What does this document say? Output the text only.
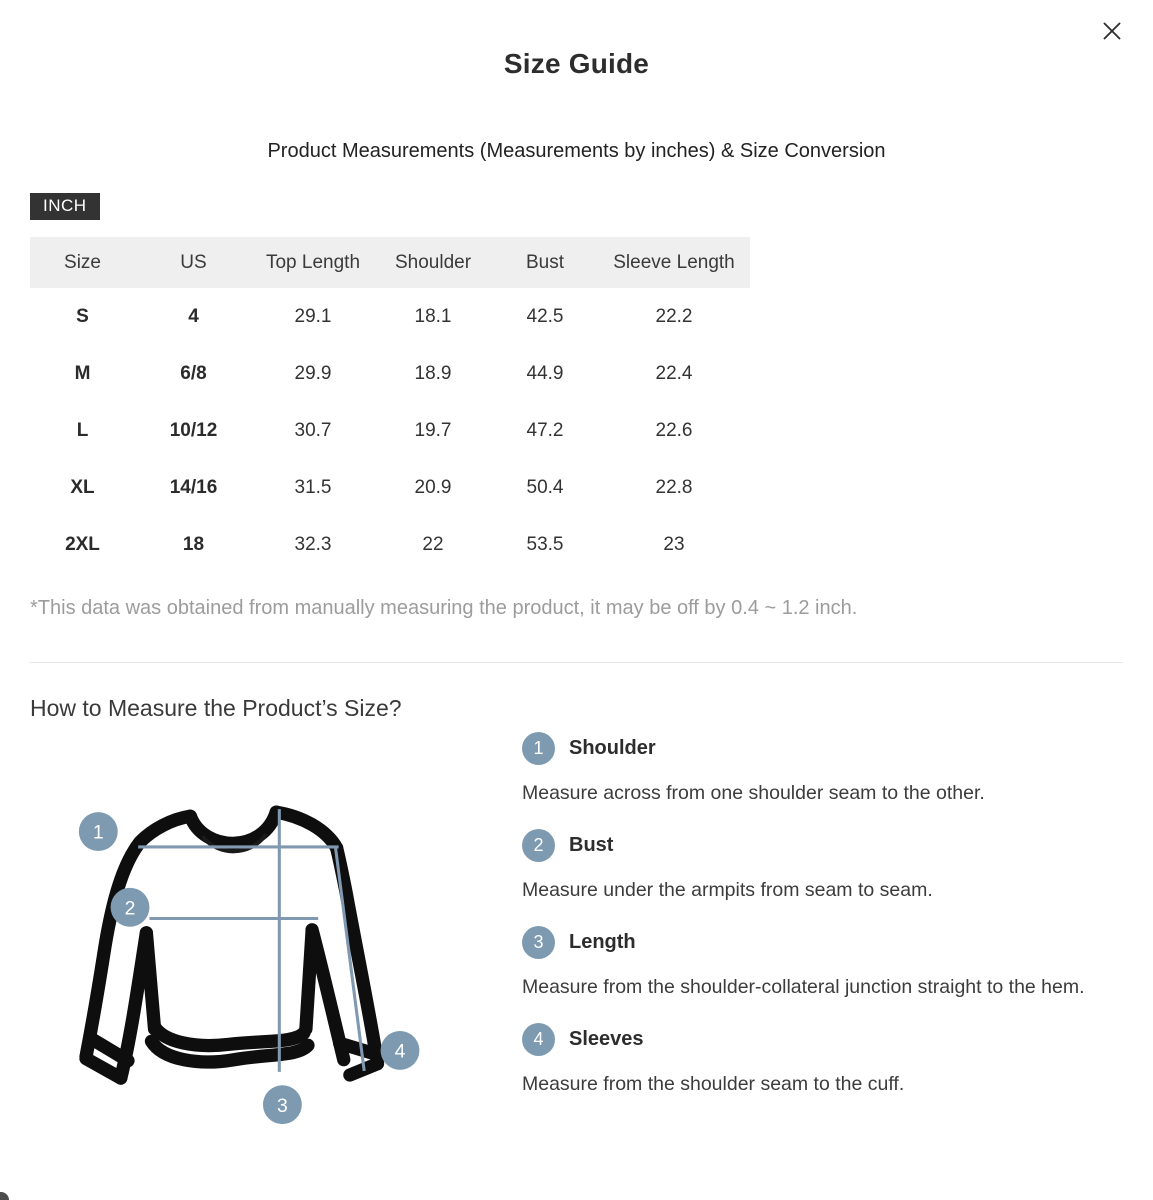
Size Guide
Product Measurements (Measurements by inches) & Size Conversion
INCH
Size	US	Top Length	Shoulder	Bust	Sleeve Length
S	4	29.1	18.1	42.5	22.2
M	6/8	29.9	18.9	44.9	22.4
L	10/12	30.7	19.7	47.2	22.6
XL	14/16	31.5	20.9	50.4	22.8
2XL	18	32.3	22	53.5	23

*This data was obtained from manually measuring the product, it may be off by 0.4 ~ 1.2 inch.

How to Measure the Product’s Size?
1
2
3
4
1	Shoulder

Measure across from one shoulder seam to the other.

2	Bust

Measure under the armpits from seam to seam.

3	Length

Measure from the shoulder-collateral junction straight to the hem.

4	Sleeves

Measure from the shoulder seam to the cuff.
